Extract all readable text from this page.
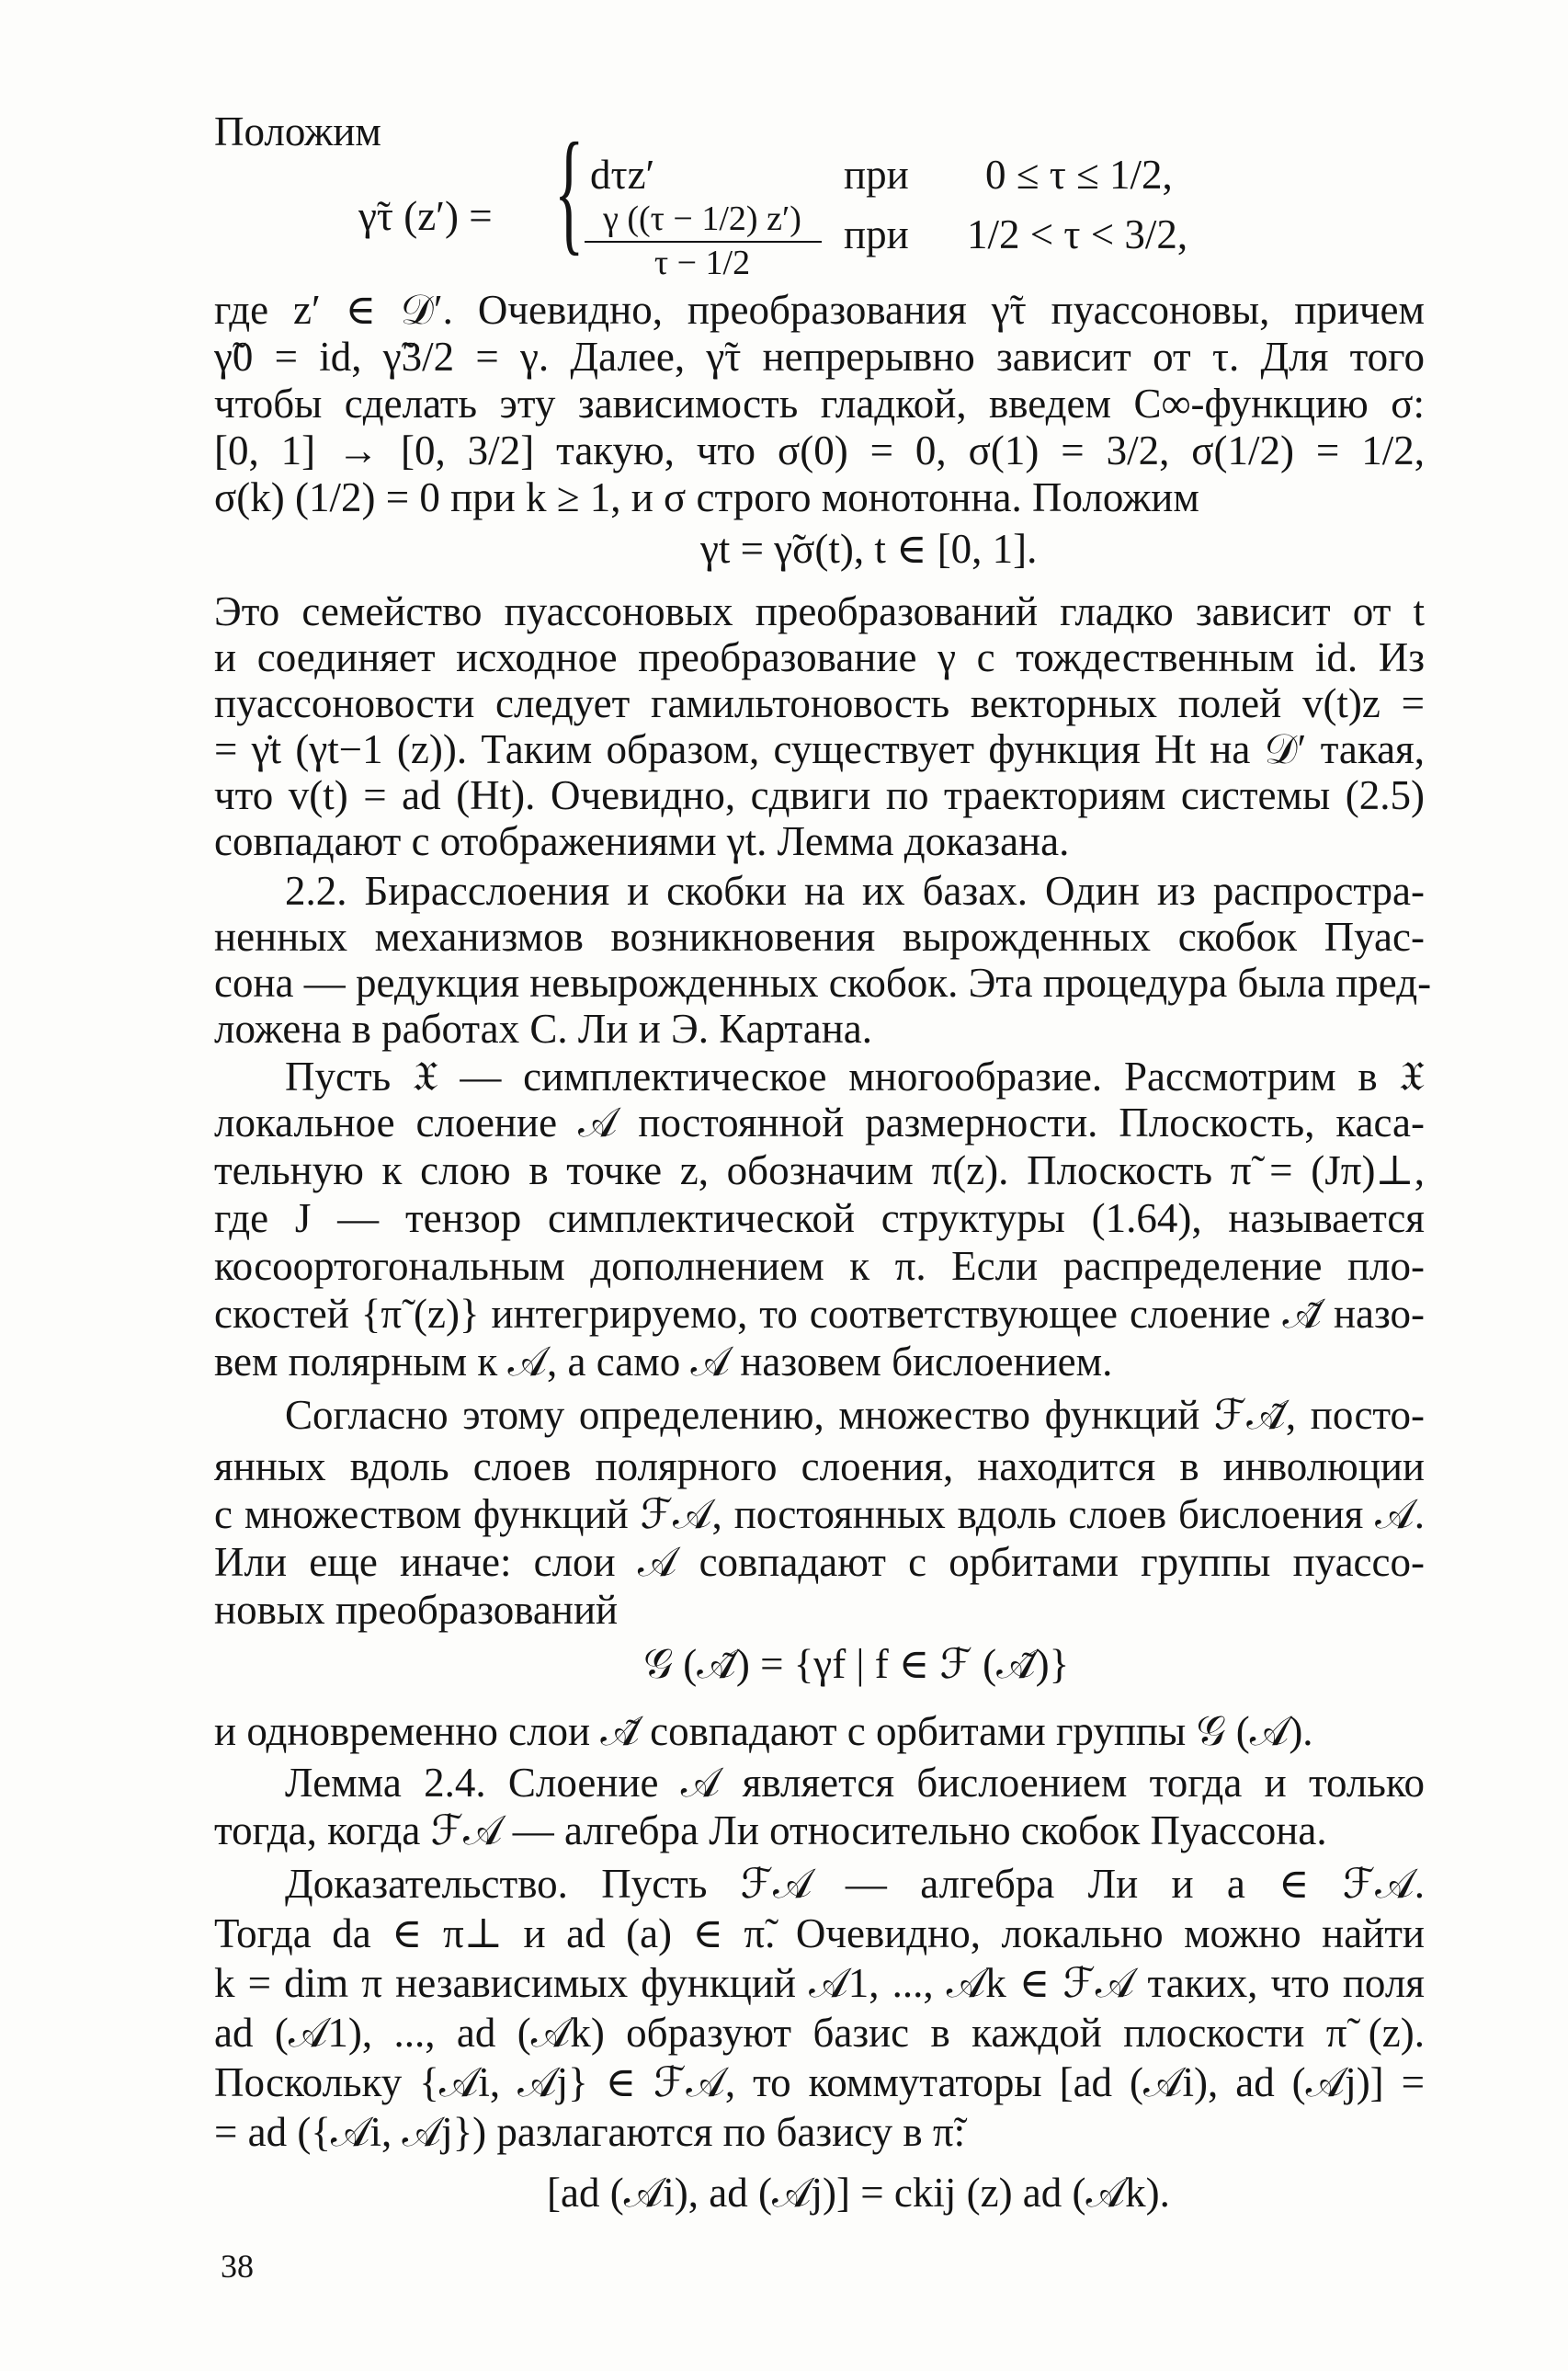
Положим
γ̃τ (z′) = { dτz′	при 0 ≤ τ ≤ 1/2,
γ ((τ − 1/2) z′)
τ − 1/2
при 1/2 < τ < 3/2,
где z′ ∈ 𝒟′. Очевидно, преобразования γ̃τ пуассоновы, причем
γ̃0 = id, γ̃3/2 = γ. Далее, γ̃τ непрерывно зависит от τ. Для того
чтобы сделать эту зависимость гладкой, введем C∞-функцию σ:
[0, 1] → [0, 3/2] такую, что σ(0) = 0, σ(1) = 3/2, σ(1/2) = 1/2,
σ(k) (1/2) = 0 при k ≥ 1, и σ строго монотонна. Положим
γt = γ̃σ(t), t ∈ [0, 1].
Это семейство пуассоновых преобразований гладко зависит от t
и соединяет исходное преобразование γ с тождественным id. Из
пуассоновости следует гамильтоновость векторных полей v(t)z =
= γ̇t (γt−1 (z)). Таким образом, существует функция Ht на 𝒟′ такая,
что v(t) = ad (Ht). Очевидно, сдвиги по траекториям системы (2.5)
совпадают с отображениями γt. Лемма доказана.
2.2. Бирасслоения и скобки на их базах. Один из распростра-
ненных механизмов возникновения вырожденных скобок Пуас-
сона — редукция невырожденных скобок. Эта процедура была пред-
ложена в работах С. Ли и Э. Картана.
Пусть 𝔛 — симплектическое многообразие. Рассмотрим в 𝔛
локальное слоение 𝒜 постоянной размерности. Плоскость, каса-
тельную к слою в точке z, обозначим π(z). Плоскость π̃ = (Jπ)⊥,
где J — тензор симплектической структуры (1.64), называется
косоортогональным дополнением к π. Если распределение пло-
скостей {π̃ (z)} интегрируемо, то соответствующее слоение 𝒜̃ назо-
вем полярным к 𝒜, а само 𝒜 назовем бислоением.
Согласно этому определению, множество функций ℱ𝒜̃, посто-
янных вдоль слоев полярного слоения, находится в инволюции
с множеством функций ℱ𝒜, постоянных вдоль слоев бислоения 𝒜.
Или еще иначе: слои 𝒜 совпадают с орбитами группы пуассо-
новых преобразований
𝒢 (𝒜̃) = {γf | f ∈ ℱ (𝒜̃)}
и одновременно слои 𝒜̃ совпадают с орбитами группы 𝒢 (𝒜).
Лемма 2.4. Слоение 𝒜 является бислоением тогда и только
тогда, когда ℱ𝒜 — алгебра Ли относительно скобок Пуассона.
Доказательство. Пусть ℱ𝒜 — алгебра Ли и a ∈ ℱ𝒜.
Тогда da ∈ π⊥ и ad (a) ∈ π̃. Очевидно, локально можно найти
k = dim π независимых функций 𝒜1, ..., 𝒜k ∈ ℱ𝒜 таких, что поля
ad (𝒜1), ..., ad (𝒜k) образуют базис в каждой плоскости π̃ (z).
Поскольку {𝒜i, 𝒜j} ∈ ℱ𝒜, то коммутаторы [ad (𝒜i), ad (𝒜j)] =
= ad ({𝒜i, 𝒜j}) разлагаются по базису в π̃:
[ad (𝒜i), ad (𝒜j)] = ckij (z) ad (𝒜k).
38
